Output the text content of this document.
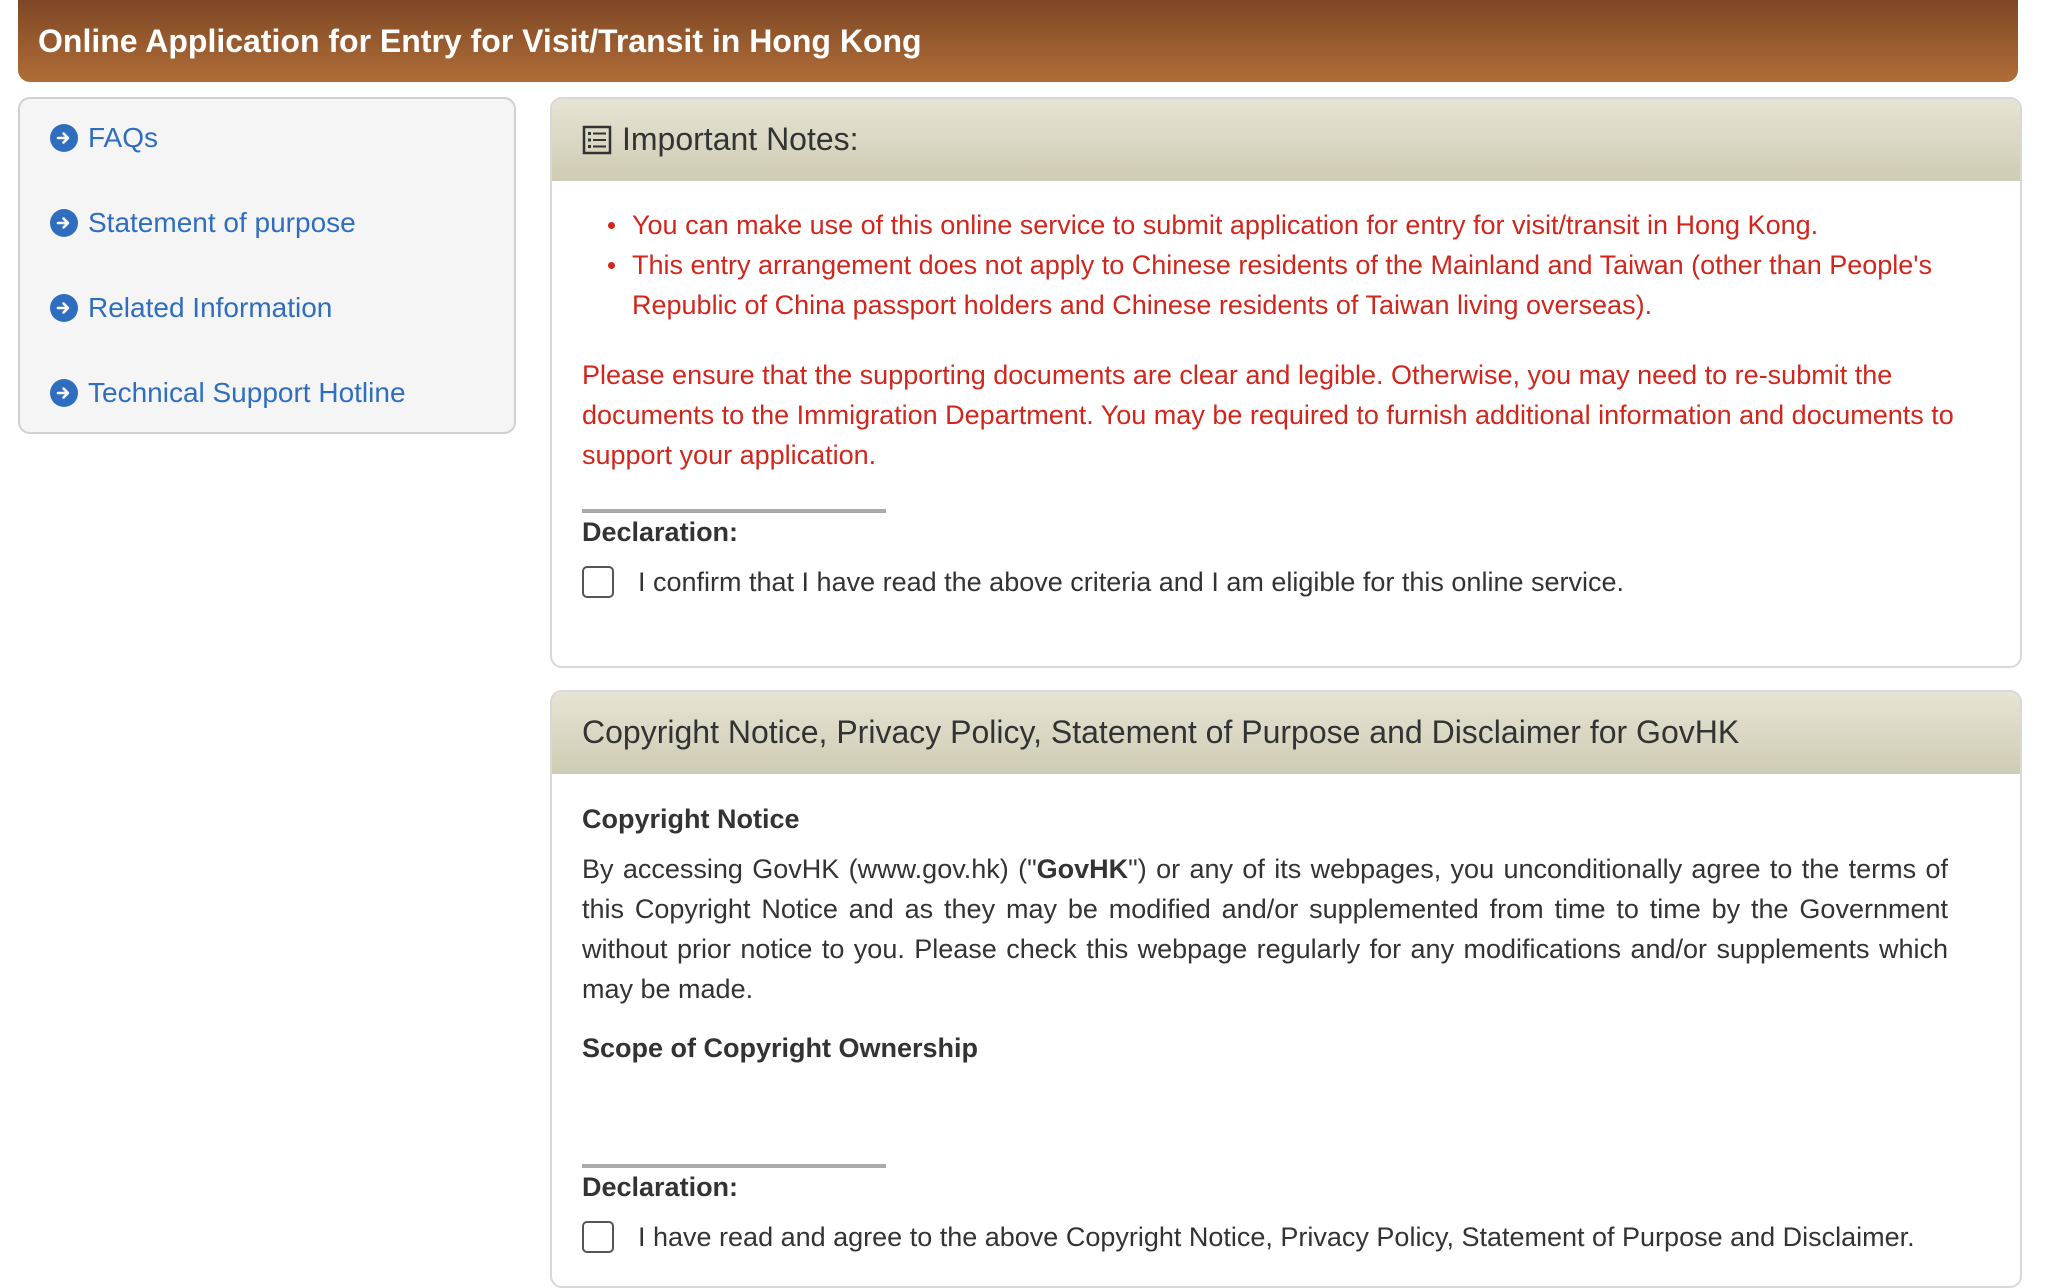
Online Application for Entry for Visit/Transit in Hong Kong
FAQs
Statement of purpose
Related Information
Technical Support Hotline
Important Notes:
You can make use of this online service to submit application for entry for visit/transit in Hong Kong.
This entry arrangement does not apply to Chinese residents of the Mainland and Taiwan (other than People's Republic of China passport holders and Chinese residents of Taiwan living overseas).

Please ensure that the supporting documents are clear and legible. Otherwise, you may need to re-submit the documents to the Immigration Department. You may be required to furnish additional information and documents to support your application.

Declaration:
I confirm that I have read the above criteria and I am eligible for this online service.
Copyright Notice, Privacy Policy, Statement of Purpose and Disclaimer for GovHK
Copyright Notice

By accessing GovHK (www.gov.hk) ("GovHK") or any of its webpages, you unconditionally agree to the terms of this Copyright Notice and as they may be modified and/or supplemented from time to time by the Government without prior notice to you. Please check this webpage regularly for any modifications and/or supplements which may be made.

Scope of Copyright Ownership
Declaration:
I have read and agree to the above Copyright Notice, Privacy Policy, Statement of Purpose and Disclaimer.
